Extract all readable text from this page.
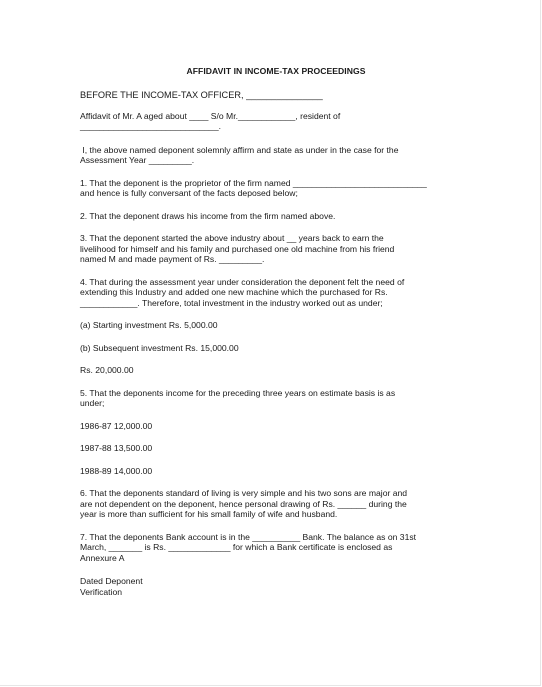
AFFIDAVIT IN INCOME-TAX PROCEEDINGS
BEFORE THE INCOME-TAX OFFICER, _______________
Affidavit of Mr. A aged about ____ S/o Mr.____________, resident of
_____________________________.
I, the above named deponent solemnly affirm and state as under in the case for the
Assessment Year _________.
1. That the deponent is the proprietor of the firm named ____________________________
and hence is fully conversant of the facts deposed below;
2. That the deponent draws his income from the firm named above.
3. That the deponent started the above industry about __ years back to earn the
livelihood for himself and his family and purchased one old machine from his friend
named M and made payment of Rs. _________.
4. That during the assessment year under consideration the deponent felt the need of
extending this Industry and added one new machine which the purchased for Rs.
____________. Therefore, total investment in the industry worked out as under;
(a) Starting investment Rs. 5,000.00
(b) Subsequent investment Rs. 15,000.00
Rs. 20,000.00
5. That the deponents income for the preceding three years on estimate basis is as
under;
1986-87 12,000.00
1987-88 13,500.00
1988-89 14,000.00
6. That the deponents standard of living is very simple and his two sons are major and
are not dependent on the deponent, hence personal drawing of Rs. ______ during the
year is more than sufficient for his small family of wife and husband.
7. That the deponents Bank account is in the __________ Bank. The balance as on 31st
March, _______ is Rs. _____________ for which a Bank certificate is enclosed as
Annexure A
Dated Deponent
Verification
